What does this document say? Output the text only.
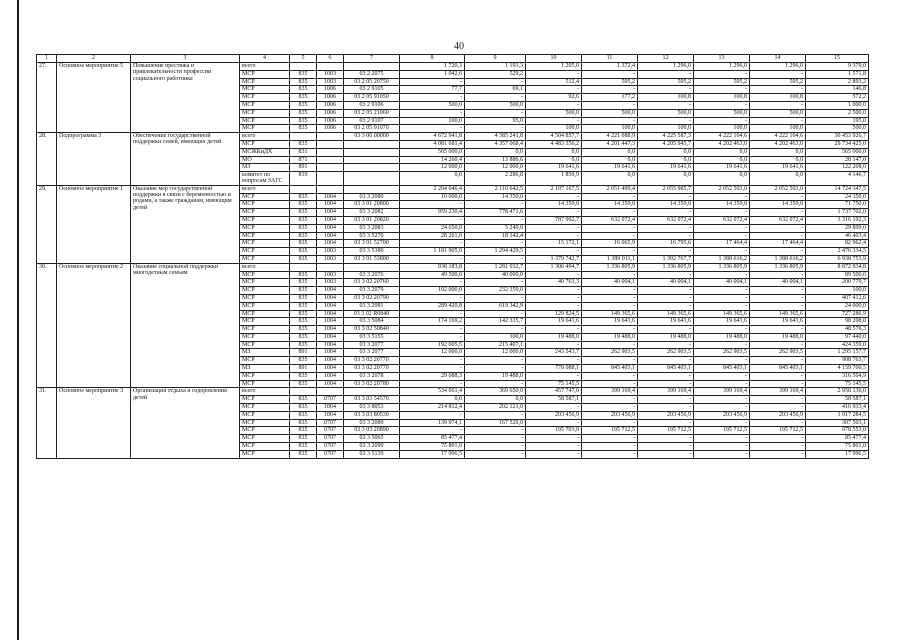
40
1	2	3	4	5	6	7	8	9	10	11	12	13	14	15
27.	Основное мероприятие 5	Повышение престижа и привлекательности профессии социального работника	всего				1 720,3	1 193,3	1 205,0	1 372,4	1 296,0	1 296,0	1 296,0	9 379,0
			МСР	835	1003	03 2 2075	1 042,6	529,2	-	-	-	-	-	1 571,8
			МСР	835	1003	03 2 05 20750	-	-	512,4	595,2	595,2	595,2	595,2	2 893,2
			МСР	835	1006	03 2 9105	77,7	69,1	-	-	-	-	-	146,8
			МСР	835	1006	03 2 05 91050	-	-	92,6	177,2	100,8	100,8	100,8	572,2
			МСР	835	1006	03 2 9106	500,0	500,0	-	-	-	-	-	1 000,0
			МСР	835	1006	03 2 05 21060	-	-	500,0	500,0	500,0	500,0	500,0	2 500,0
			МСР	835	1006	03 2 9107	100,0	95,0	-	-	-	-	-	195,0
			МСР	835	1006	03 2 05 91070	-	-	100,0	100,0	100,0	100,0	100,0	500,0
28.	Подпрограмма 3	Обеспечение государственной поддержки семей, имеющих детей	всего			03 3 00 00000	4 672 941,8	4 385 241,8	4 504 857,7	4 221 088,9	4 225 587,3	4 222 104,6	4 222 104,6	30 453 926,7
			МСР	835			4 081 681,4	4 357 068,4	4 483 356,2	4 201 447,3	4 205 945,7	4 202 463,0	4 202 463,0	29 734 425,0
			МСЖКиДХ	831			565 000,0	0,0	0,0	0,0	0,0	0,0	0,0	565 000,0
			МО	871			14 260,4	13 886,6	0,0	0,0	0,0	0,0	0,0	28 147,0
			МЗ	891			12 000,0	12 000,0	19 641,6	19 641,6	19 641,6	19 641,6	19 641,6	122 208,0
			комитет по вопросам ЗАГС	819			0,0	2 286,8	1 859,9	0,0	0,0	0,0	0,0	4 146,7
29.	Основное мероприятие 1	Оказание мер государственной поддержки в связи с беременностью и родами, а также гражданам, имеющим детей	всего				2 204 046,4	2 110 642,5	2 197 167,5	2 051 499,4	2 055 985,7	2 052 503,0	2 052 503,0	14 724 347,5
			МСР	835	1004	03 3 2080	10 000,0	14 350,0	-	-	-	-	-	24 350,0
			МСР	835	1004	03 3 01 20800	-	-	14 350,0	14 350,0	14 350,0	14 350,0	14 350,0	71 750,0
			МСР	835	1004	03 3 2082	959 230,4	778 471,6	-	-	-	-	-	1 737 702,0
			МСР	835	1004	03 3 01 20820	-	-	787 902,7	632 072,4	632 072,4	632 072,4	632 072,4	3 316 192,3
			МСР	835	1004	03 3 2083	24 650,0	5 249,0	-	-	-	-	-	29 899,0
			МСР	835	1004	03 3 5270	28 261,0	18 142,4	-	-	-	-	-	46 403,4
			МСР	835	1004	03 3 01 52700	-	-	15 172,1	16 065,9	16 795,6	17 464,4	17 464,4	82 962,4
			МСР	835	1003	03 3 5380	1 181 905,0	1 294 429,5	-	-	-	-	-	2 476 334,5
			МСР	835	1003	03 3 01 53800	-	-	1 379 742,7	1 389 011,1	1 392 767,7	1 388 616,2	1 388 616,2	6 938 753,9
30.	Основное мероприятие 2	Оказание социальной поддержки многодетным семьям	всего				938 183,8	1 281 032,7	1 306 494,7	1 336 805,9	1 336 805,9	1 336 805,9	1 336 805,9	8 872 934,8
			МСР	835	1003	03 3 2076	49 500,0	40 000,0	-	-	-	-	-	89 500,0
			МСР	835	1003	03 3 02 20760	-	-	40 763,3	40 004,1	40 004,1	40 004,1	40 004,1	200 779,7
			МСР	835	1004	03 3 2079	192 000,0	232 359,0	-	-	-	-	-	100,0
			МСР	835	1004	03 3 02 20790	-	-	-	-	-	-	-	407 412,6
			МСР	835	1004	03 3 2081	289 420,8	619 342,9	-	-	-	-	-	24 000,0
			МСР	835	1004	03 3 02 R0840	-	-	129 824,5	149 365,6	149 365,6	149 365,6	149 365,6	727 286,9
			МСР	835	1004	03 3 5084	174 169,2	142 335,7	19 641,6	19 641,6	19 641,6	19 641,6	19 641,6	98 208,0
			МСР	835	1004	03 3 02 50840	-	-	-	-	-	-	-	48 576,3
			МСР	835	1004	03 3 5155	-	100,0	19 488,0	19 488,0	19 488,0	19 488,0	19 488,0	97 440,0
			МСР	835	1004	03 3 2077	192 005,5	215 407,1	-	-	-	-	-	424 359,0
			МЗ	891	1004	03 3 2077	12 000,0	12 000,0	243 543,7	262 903,5	262 903,5	262 903,5	262 903,5	1 295 157,7
			МСР	835	1004	03 3 02 20770	-	-	-	-	-	-	-	908 763,7
			МЗ	891	1004	03 3 02 20770	-	-	778 088,1	845 403,1	845 403,1	845 403,1	845 403,1	4 159 700,5
			МСР	835	1004	03 3 2078	29 088,3	19 488,0	-	-	-	-	-	316 504,9
			МСР	835	1004	03 3 02 20780	-	-	75 145,5	-	-	-	-	75 145,5
31.	Основное мероприятие 3	Организация отдыха и оздоровления детей	всего				534 061,4	369 650,0	457 747,0	399 169,4	399 169,4	399 169,4	399 169,4	2 958 136,0
			МСР	835	0707	03 3 03 54570	0,0	0,0	58 587,1	-	-	-	-	58 587,1
			МСР	835	1004	03 3 8053	214 812,4	202 121,0	-	-	-	-	-	416 933,4
			МСР	835	1004	03 3 03 80530	-	-	203 456,9	203 456,9	203 456,9	203 456,9	203 456,9	1 017 284,5
			МСР	835	0707	03 3 2089	139 974,1	167 529,0	-	-	-	-	-	307 503,1
			МСР	835	0707	03 3 03 20890	-	-	195 703,0	195 712,5	195 712,5	195 712,5	195 712,5	978 553,0
			МСР	835	0707	03 3 5065	85 477,4	-	-	-	-	-	-	85 477,4
			МСР	835	0707	03 3 2090	75 801,0	-	-	-	-	-	-	75 801,0
			МСР	835	0707	03 3 5139	17 996,5	-	-	-	-	-	-	17 996,5
